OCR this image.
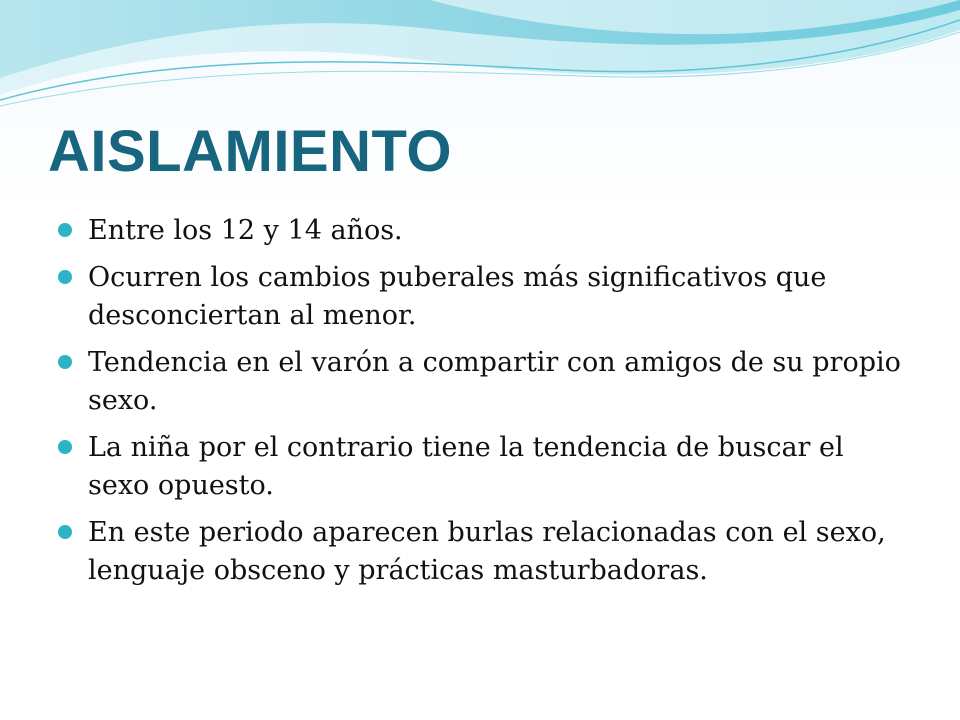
AISLAMIENTO
Entre los 12 y 14 años.
Ocurren los cambios puberales más significativos que desconciertan al menor.
Tendencia en el varón a compartir con amigos de su propio sexo.
La niña por el contrario tiene la tendencia de buscar el sexo opuesto.
En este periodo aparecen burlas relacionadas con el sexo, lenguaje obsceno y prácticas masturbadoras.
